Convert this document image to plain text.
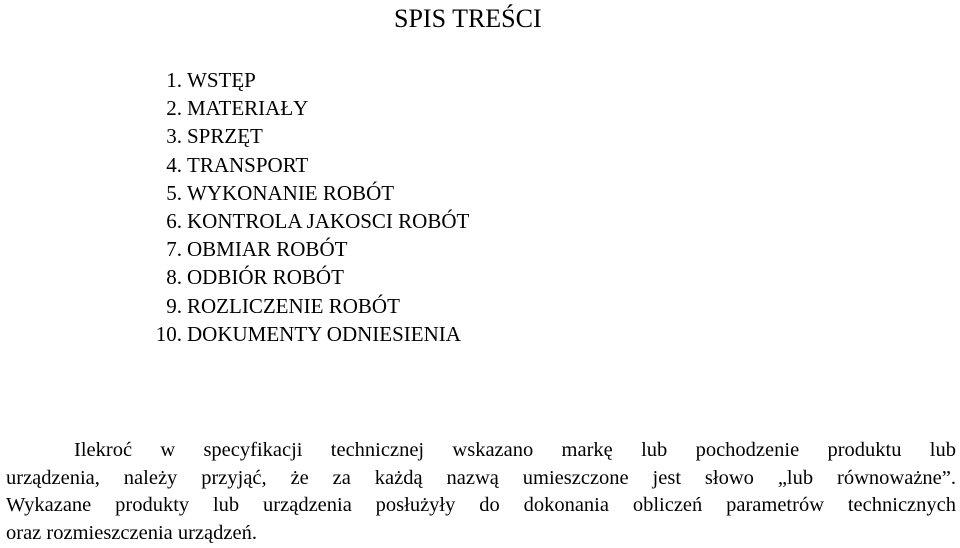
SPIS TREŚCI
1. WSTĘP
2. MATERIAŁY
3. SPRZĘT
4. TRANSPORT
5. WYKONANIE ROBÓT
6. KONTROLA JAKOSCI ROBÓT
7. OBMIAR ROBÓT
8. ODBIÓR ROBÓT
9. ROZLICZENIE ROBÓT
10. DOKUMENTY ODNIESIENIA
Ilekroć w specyfikacji technicznej wskazano markę lub pochodzenie produktu lub
urządzenia, należy przyjąć, że za każdą nazwą umieszczone jest słowo „lub równoważne”.
Wykazane produkty lub urządzenia posłużyły do dokonania obliczeń parametrów technicznych
oraz rozmieszczenia urządzeń.
